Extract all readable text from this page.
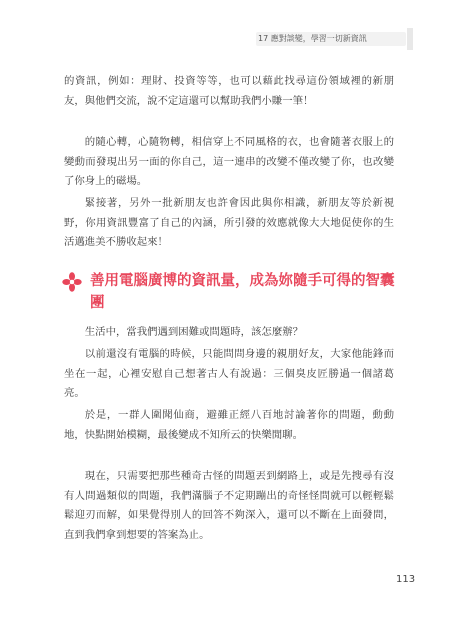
17 應對談變，學習一切新資訊

的資訊，例如：理財、投資等等，也可以藉此找尋這份領域裡的新朋友，與他們交流，說不定這還可以幫助我們小賺一筆！

的隨心轉，心隨物轉，相信穿上不同風格的衣，也會隨著衣服上的變動而發現出另一面的你自己，這一連串的改變不僅改變了你，也改變了你身上的磁場。

緊接著，另外一批新朋友也許會因此與你相識，新朋友等於新視野，你用資訊豐富了自己的內涵，所引發的效應就像大大地促使你的生活邁進美不勝收起來！

善用電腦廣博的資訊量，成為妳隨手可得的智囊團

生活中，當我們遇到困難或問題時，該怎麼辦？

以前還沒有電腦的時候，只能問問身邊的親朋好友，大家他能鋒而坐在一起，心裡安慰自己想著古人有說過：三個臭皮匠勝過一個諸葛亮。

於是，一群人圍聞仙商，避雖正經八百地討論著你的問題，動動地，快點開始模糊，最後變成不知所云的快樂閒聊。

現在，只需要把那些種奇古怪的問題丟到網路上，或是先搜尋有沒有人問過類似的問題，我們滿腦子不定期蹦出的奇怪怪問就可以輕輕鬆鬆迎刃而解，如果覺得別人的回答不夠深入，還可以不斷在上面發問，直到我們拿到想要的答案為止。

113
